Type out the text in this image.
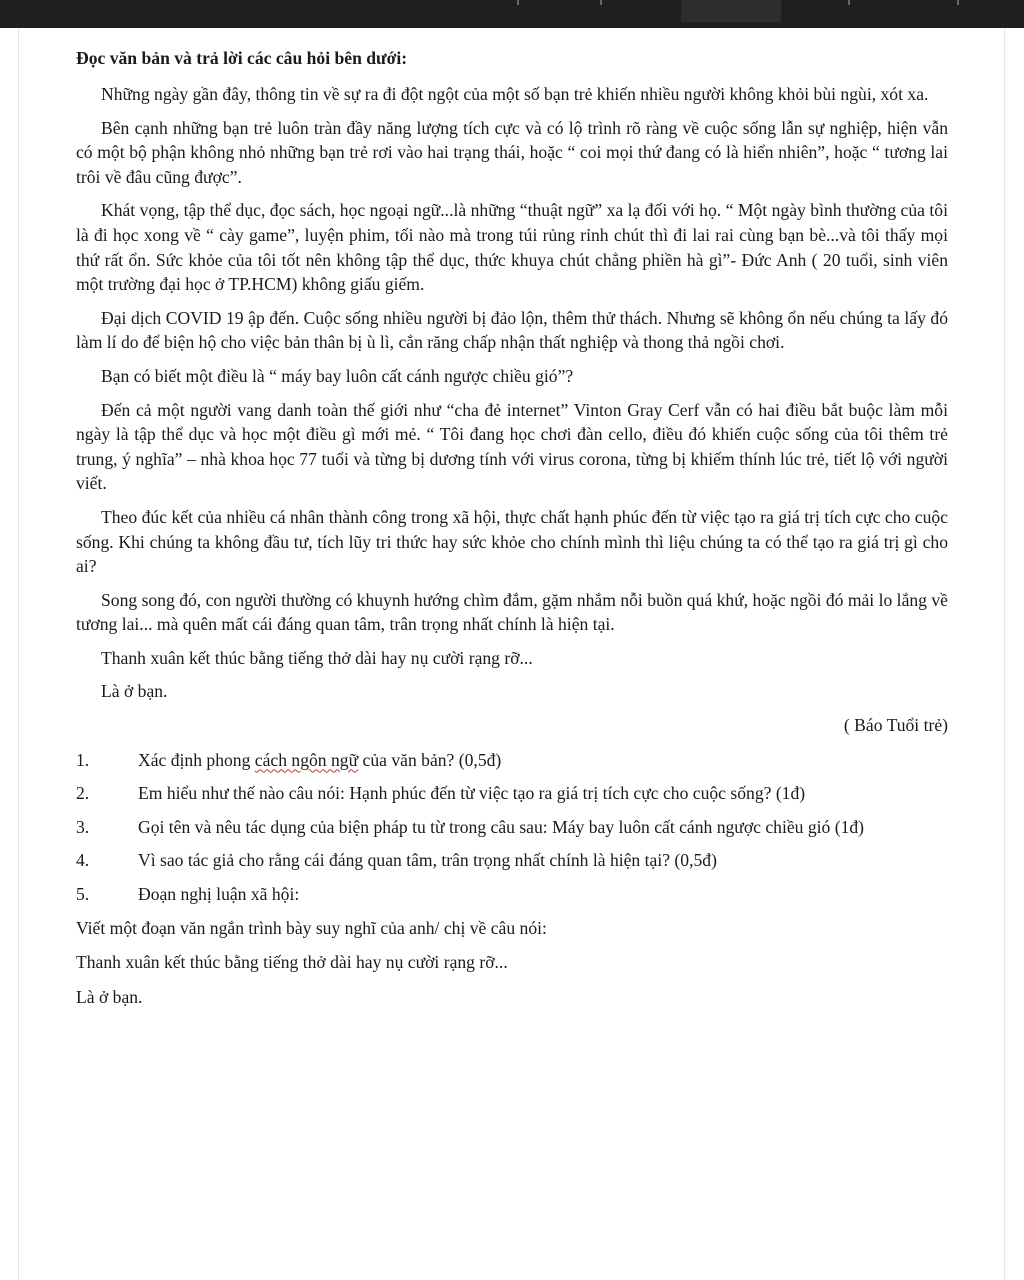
Đọc văn bản và trả lời các câu hỏi bên dưới:

Những ngày gần đây, thông tin về sự ra đi đột ngột của một số bạn trẻ khiến nhiều người không khỏi bùi ngùi, xót xa.

Bên cạnh những bạn trẻ luôn tràn đầy năng lượng tích cực và có lộ trình rõ ràng về cuộc sống lẫn sự nghiệp, hiện vẫn có một bộ phận không nhỏ những bạn trẻ rơi vào hai trạng thái, hoặc “ coi mọi thứ đang có là hiển nhiên”, hoặc “ tương lai trôi về đâu cũng được”.

Khát vọng, tập thể dục, đọc sách, học ngoại ngữ...là những “thuật ngữ” xa lạ đối với họ. “ Một ngày bình thường của tôi là đi học xong về “ cày game”, luyện phim, tối nào mà trong túi rủng rỉnh chút thì đi lai rai cùng bạn bè...và tôi thấy mọi thứ rất ổn. Sức khỏe của tôi tốt nên không tập thể dục, thức khuya chút chẳng phiền hà gì”- Đức Anh ( 20 tuổi, sinh viên một trường đại học ở TP.HCM) không giấu giếm.

Đại dịch COVID 19 ập đến. Cuộc sống nhiều người bị đảo lộn, thêm thử thách. Nhưng sẽ không ổn nếu chúng ta lấy đó làm lí do để biện hộ cho việc bản thân bị ù lì, cắn răng chấp nhận thất nghiệp và thong thả ngồi chơi.

Bạn có biết một điều là “ máy bay luôn cất cánh ngược chiều gió”?

Đến cả một người vang danh toàn thế giới như “cha đẻ internet” Vinton Gray Cerf vẫn có hai điều bắt buộc làm mỗi ngày là tập thể dục và học một điều gì mới mẻ. “ Tôi đang học chơi đàn cello, điều đó khiến cuộc sống của tôi thêm trẻ trung, ý nghĩa” – nhà khoa học 77 tuổi và từng bị dương tính với virus corona, từng bị khiếm thính lúc trẻ, tiết lộ với người viết.

Theo đúc kết của nhiều cá nhân thành công trong xã hội, thực chất hạnh phúc đến từ việc tạo ra giá trị tích cực cho cuộc sống. Khi chúng ta không đầu tư, tích lũy tri thức hay sức khỏe cho chính mình thì liệu chúng ta có thể tạo ra giá trị gì cho ai?

Song song đó, con người thường có khuynh hướng chìm đắm, gặm nhắm nỗi buồn quá khứ, hoặc ngồi đó mải lo lắng về tương lai... mà quên mất cái đáng quan tâm, trân trọng nhất chính là hiện tại.

Thanh xuân kết thúc bằng tiếng thở dài hay nụ cười rạng rỡ...

Là ở bạn.

( Báo Tuổi trẻ)

1.	Xác định phong cách ngôn ngữ của văn bản? (0,5đ)

2.	Em hiểu như thế nào câu nói: Hạnh phúc đến từ việc tạo ra giá trị tích cực cho cuộc sống? (1đ)

3.	Gọi tên và nêu tác dụng của biện pháp tu từ trong câu sau: Máy bay luôn cất cánh ngược chiều gió (1đ)

4.	Vì sao tác giả cho rằng cái đáng quan tâm, trân trọng nhất chính là hiện tại? (0,5đ)

5.	Đoạn nghị luận xã hội:

Viết một đoạn văn ngắn trình bày suy nghĩ của anh/ chị về câu nói:

Thanh xuân kết thúc bằng tiếng thở dài hay nụ cười rạng rỡ...

Là ở bạn.
